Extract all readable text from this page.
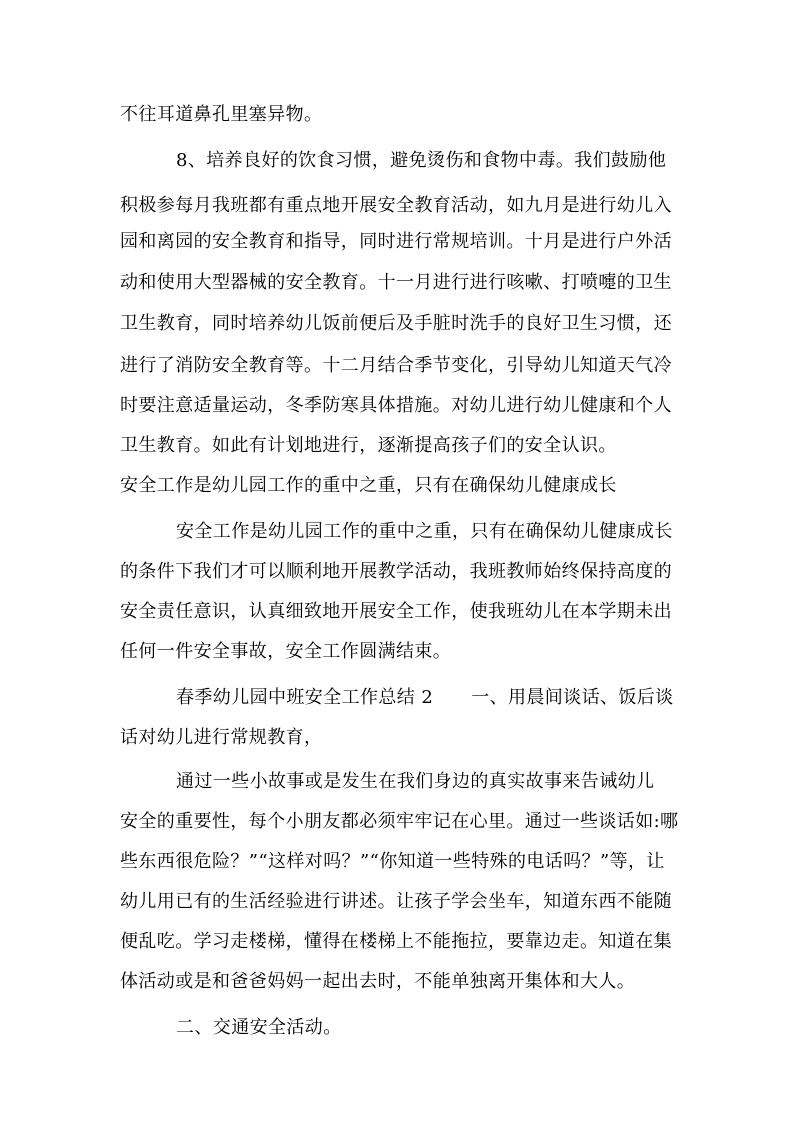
不往耳道鼻孔里塞异物。
8、培养良好的饮食习惯，避免烫伤和食物中毒。我们鼓励他
积极参每月我班都有重点地开展安全教育活动，如九月是进行幼儿入
园和离园的安全教育和指导，同时进行常规培训。十月是进行户外活
动和使用大型器械的安全教育。十一月进行进行咳嗽、打喷嚏的卫生
卫生教育，同时培养幼儿饭前便后及手脏时洗手的良好卫生习惯，还
进行了消防安全教育等。十二月结合季节变化，引导幼儿知道天气冷
时要注意适量运动，冬季防寒具体措施。对幼儿进行幼儿健康和个人
卫生教育。如此有计划地进行，逐渐提高孩子们的安全认识。
安全工作是幼儿园工作的重中之重，只有在确保幼儿健康成长
安全工作是幼儿园工作的重中之重，只有在确保幼儿健康成长
的条件下我们才可以顺利地开展教学活动，我班教师始终保持高度的
安全责任意识，认真细致地开展安全工作，使我班幼儿在本学期未出
任何一件安全事故，安全工作圆满结束。
春季幼儿园中班安全工作总结 2 一、用晨间谈话、饭后谈
话对幼儿进行常规教育，
通过一些小故事或是发生在我们身边的真实故事来告诫幼儿
安全的重要性，每个小朋友都必须牢牢记在心里。通过一些谈话如:哪
些东西很危险？”“这样对吗？”“你知道一些特殊的电话吗？”等，让
幼儿用已有的生活经验进行讲述。让孩子学会坐车，知道东西不能随
便乱吃。学习走楼梯，懂得在楼梯上不能拖拉，要靠边走。知道在集
体活动或是和爸爸妈妈一起出去时，不能单独离开集体和大人。
二、交通安全活动。
